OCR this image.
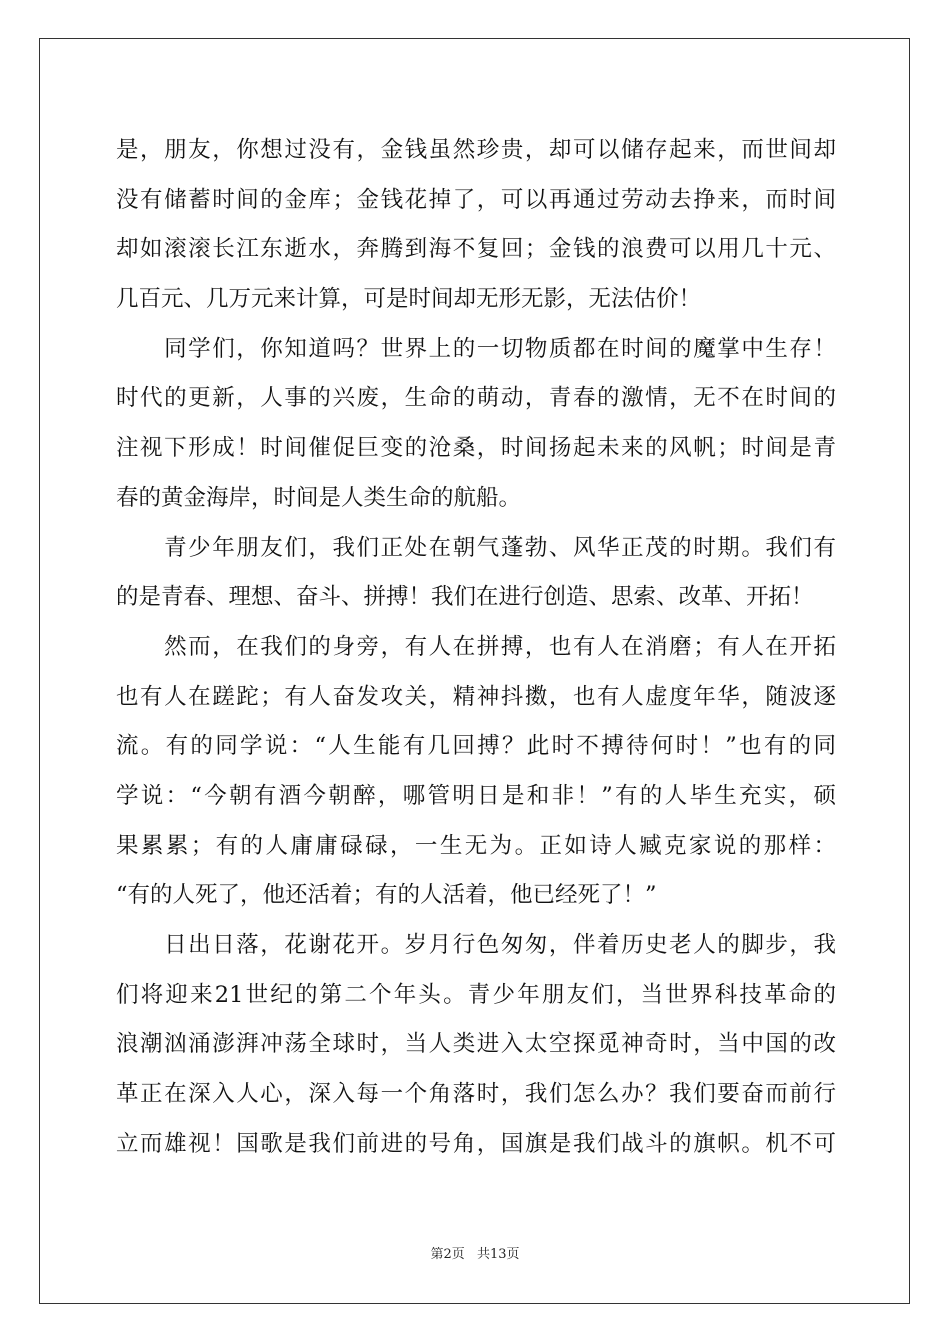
是，朋友，你想过没有，金钱虽然珍贵，却可以储存起来，而世间却
没有储蓄时间的金库；金钱花掉了，可以再通过劳动去挣来，而时间
却如滚滚长江东逝水，奔腾到海不复回；金钱的浪费可以用几十元、
几百元、几万元来计算，可是时间却无形无影，无法估价！
　　同学们，你知道吗？世界上的一切物质都在时间的魔掌中生存！
时代的更新，人事的兴废，生命的萌动，青春的激情，无不在时间的
注视下形成！时间催促巨变的沧桑，时间扬起未来的风帆；时间是青
春的黄金海岸，时间是人类生命的航船。
　　青少年朋友们，我们正处在朝气蓬勃、风华正茂的时期。我们有
的是青春、理想、奋斗、拼搏！我们在进行创造、思索、改革、开拓！
　　然而，在我们的身旁，有人在拼搏，也有人在消磨；有人在开拓
也有人在蹉跎；有人奋发攻关，精神抖擞，也有人虚度年华，随波逐
流。有的同学说：“人生能有几回搏？此时不搏待何时！”也有的同
学说：“今朝有酒今朝醉，哪管明日是和非！”有的人毕生充实，硕
果累累；有的人庸庸碌碌，一生无为。正如诗人臧克家说的那样：
“有的人死了，他还活着；有的人活着，他已经死了！”
　　日出日落，花谢花开。岁月行色匆匆，伴着历史老人的脚步，我
们将迎来21世纪的第二个年头。青少年朋友们，当世界科技革命的
浪潮汹涌澎湃冲荡全球时，当人类进入太空探觅神奇时，当中国的改
革正在深入人心，深入每一个角落时，我们怎么办？我们要奋而前行
立而雄视！国歌是我们前进的号角，国旗是我们战斗的旗帜。机不可
第2页 共13页
